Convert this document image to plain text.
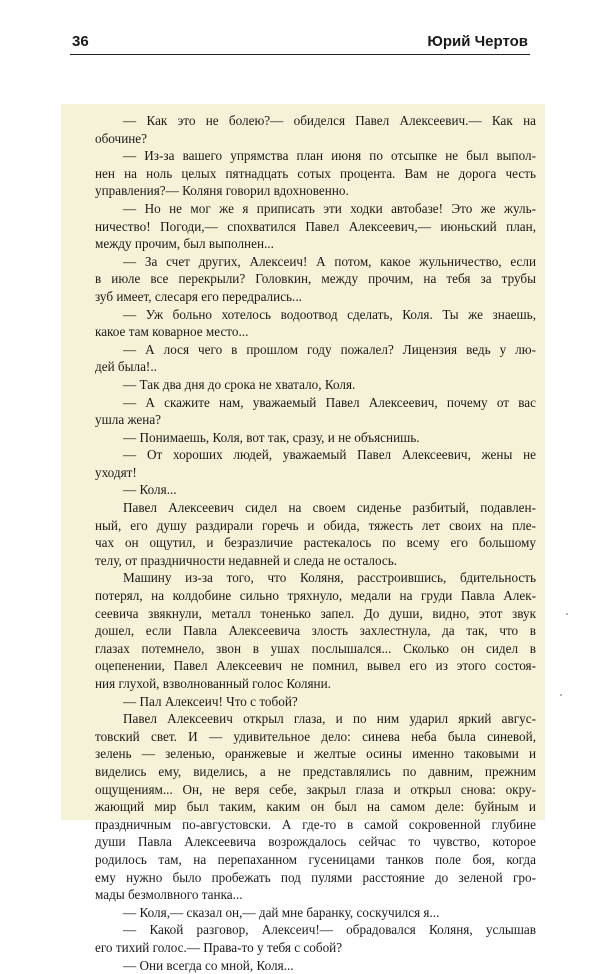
36	Юрий Чертов
— Как это не болею?— обиделся Павел Алексеевич.— Как на
обочине?
— Из-за вашего упрямства план июня по отсыпке не был выпол-
нен на ноль целых пятнадцать сотых процента. Вам не дорога честь
управления?— Коляня говорил вдохновенно.
— Но не мог же я приписать эти ходки автобазе! Это же жуль-
ничество! Погоди,— спохватился Павел Алексеевич,— июньский план,
между прочим, был выполнен...
— За счет других, Алексеич! А потом, какое жульничество, если
в июле все перекрыли? Головкин, между прочим, на тебя за трубы
зуб имеет, слесаря его передрались...
— Уж больно хотелось водоотвод сделать, Коля. Ты же знаешь,
какое там коварное место...
— А лося чего в прошлом году пожалел? Лицензия ведь у лю-
дей была!..
— Так два дня до срока не хватало, Коля.
— А скажите нам, уважаемый Павел Алексеевич, почему от вас
ушла жена?
— Понимаешь, Коля, вот так, сразу, и не объяснишь.
— От хороших людей, уважаемый Павел Алексеевич, жены не
уходят!
— Коля...
Павел Алексеевич сидел на своем сиденье разбитый, подавлен-
ный, его душу раздирали горечь и обида, тяжесть лет своих на пле-
чах он ощутил, и безразличие растекалось по всему его большому
телу, от праздничности недавней и следа не осталось.
Машину из-за того, что Коляня, расстроившись, бдительность
потерял, на колдобине сильно тряхнуло, медали на груди Павла Алек-
сеевича звякнули, металл тоненько запел. До души, видно, этот звук
дошел, если Павла Алексеевича злость захлестнула, да так, что в
глазах потемнело, звон в ушах послышался... Сколько он сидел в
оцепенении, Павел Алексеевич не помнил, вывел его из этого состоя-
ния глухой, взволнованный голос Коляни.
— Пал Алексеич! Что с тобой?
Павел Алексеевич открыл глаза, и по ним ударил яркий авгус-
товский свет. И — удивительное дело: синева неба была синевой,
зелень — зеленью, оранжевые и желтые осины именно таковыми и
виделись ему, виделись, а не представлялись по давним, прежним
ощущениям... Он, не веря себе, закрыл глаза и открыл снова: окру-
жающий мир был таким, каким он был на самом деле: буйным и
праздничным по-августовски. А где-то в самой сокровенной глубине
души Павла Алексеевича возрождалось сейчас то чувство, которое
родилось там, на перепаханном гусеницами танков поле боя, когда
ему нужно было пробежать под пулями расстояние до зеленой гро-
мады безмолвного танка...
— Коля,— сказал он,— дай мне баранку, соскучился я...
— Какой разговор, Алексеич!— обрадовался Коляня, услышав
его тихий голос.— Права-то у тебя с собой?
— Они всегда со мной, Коля...
